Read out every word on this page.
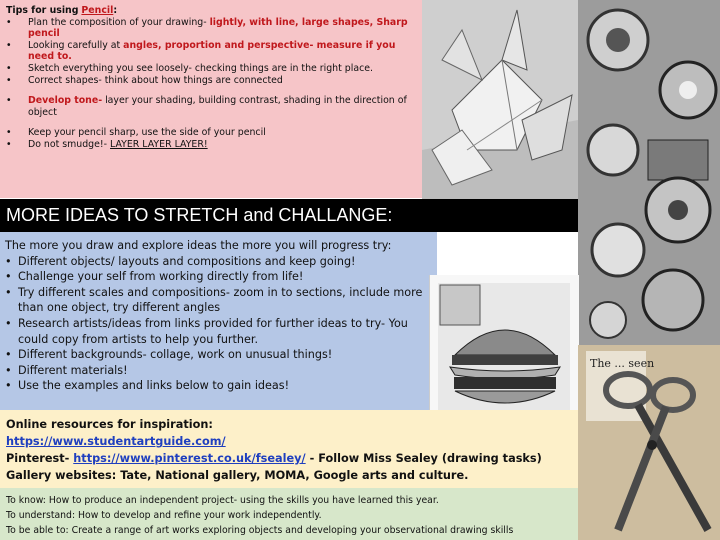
Tips for using Pencil:
• Plan the composition of your drawing- lightly, with line, large shapes, Sharp pencil
• Looking carefully at angles, proportion and perspective- measure if you need to.
• Sketch everything you see loosely- checking things are in the right place.
• Correct shapes- think about how things are connected
• Develop tone- layer your shading, building contrast, shading in the direction of object
• Keep your pencil sharp, use the side of your pencil
• Do not smudge!- LAYER LAYER LAYER!
MORE IDEAS TO STRETCH and CHALLANGE:
The more you draw and explore ideas the more you will progress try:
• Different objects/ layouts and compositions and keep going!
• Challenge your self from working directly from life!
• Try different scales and compositions- zoom in to sections, include more than one object, try different angles
• Research artists/ideas from links provided for further ideas to try- You could copy from artists to help you further.
• Different backgrounds- collage, work on unusual things!
• Different materials!
• Use the examples and links below to gain ideas!
The ... seen
Online resources for inspiration:
https://www.studentartguide.com/
Pinterest- https://www.pinterest.co.uk/fsealey/ - Follow Miss Sealey (drawing tasks)
Gallery websites: Tate, National gallery, MOMA, Google arts and culture.
To know: How to produce an independent project- using the skills you have learned this year.
To understand: How to develop and refine your work independently.
To be able to: Create a range of art works exploring objects and developing your observational drawing skills
